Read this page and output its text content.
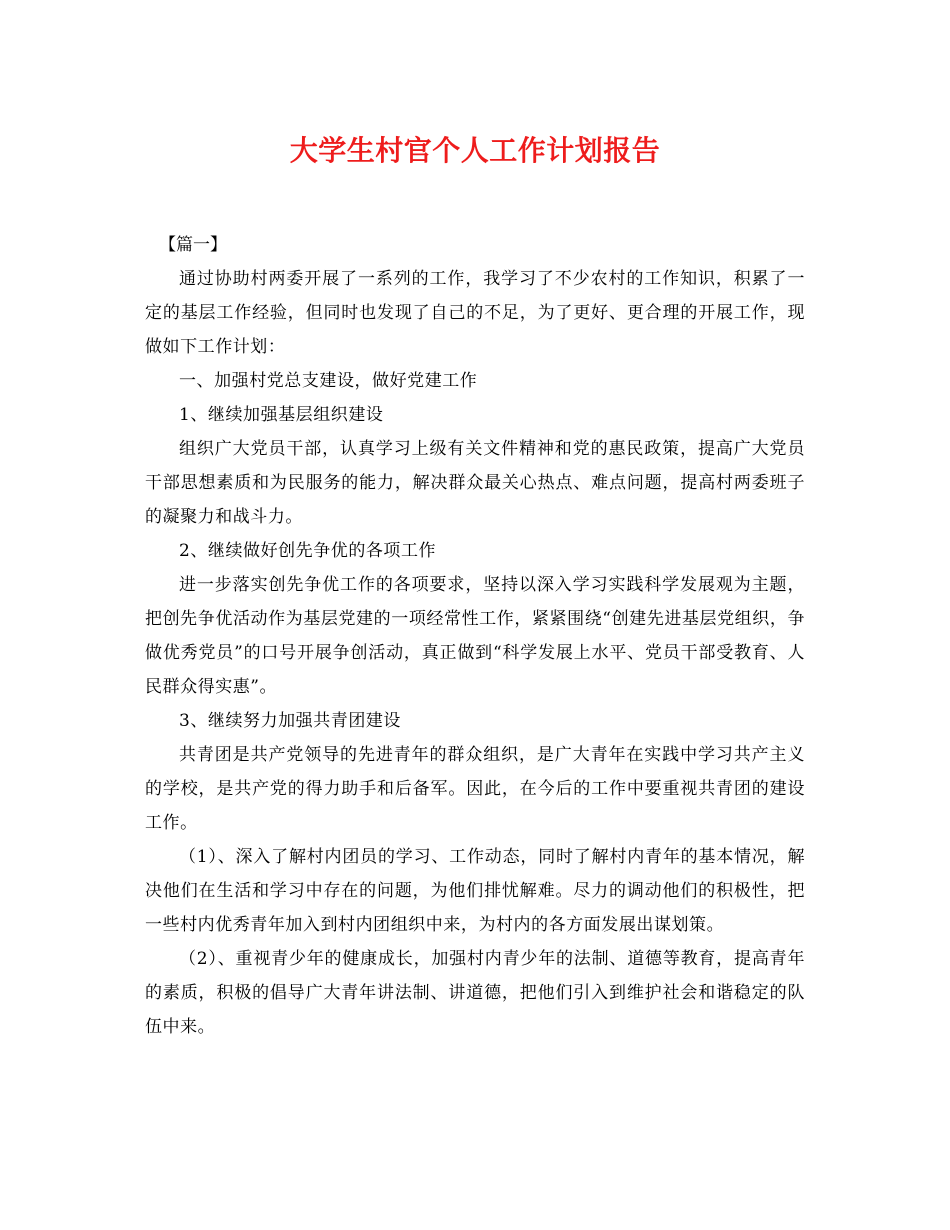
大学生村官个人工作计划报告

【篇一】

通过协助村两委开展了一系列的工作，我学习了不少农村的工作知识，积累了一定的基层工作经验，但同时也发现了自己的不足，为了更好、更合理的开展工作，现做如下工作计划：

一、加强村党总支建设，做好党建工作

1、继续加强基层组织建设

组织广大党员干部，认真学习上级有关文件精神和党的惠民政策，提高广大党员干部思想素质和为民服务的能力，解决群众最关心热点、难点问题，提高村两委班子的凝聚力和战斗力。

2、继续做好创先争优的各项工作

进一步落实创先争优工作的各项要求，坚持以深入学习实践科学发展观为主题，把创先争优活动作为基层党建的一项经常性工作，紧紧围绕“创建先进基层党组织，争做优秀党员”的口号开展争创活动，真正做到“科学发展上水平、党员干部受教育、人民群众得实惠”。

3、继续努力加强共青团建设

共青团是共产党领导的先进青年的群众组织，是广大青年在实践中学习共产主义的学校，是共产党的得力助手和后备军。因此，在今后的工作中要重视共青团的建设工作。

（1）、深入了解村内团员的学习、工作动态，同时了解村内青年的基本情况，解决他们在生活和学习中存在的问题，为他们排忧解难。尽力的调动他们的积极性，把一些村内优秀青年加入到村内团组织中来，为村内的各方面发展出谋划策。

（2）、重视青少年的健康成长，加强村内青少年的法制、道德等教育，提高青年的素质，积极的倡导广大青年讲法制、讲道德，把他们引入到维护社会和谐稳定的队伍中来。
